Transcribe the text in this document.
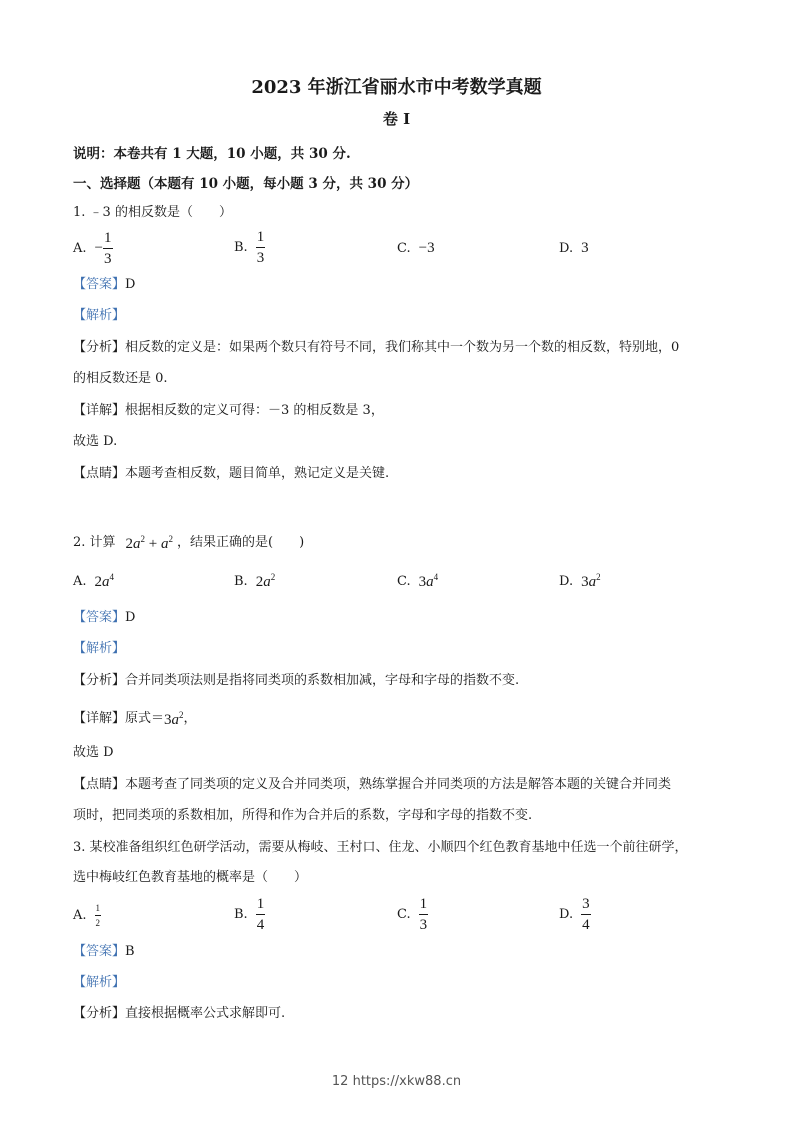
2023 年浙江省丽水市中考数学真题
卷 I
说明：本卷共有 1 大题，10 小题，共 30 分.
一、选择题（本题有 10 小题，每小题 3 分，共 30 分）
1. ﹣3 的相反数是（　　）
A. − $\frac{1}{3}$	B. $\frac{1}{3}$	C. −3	D. 3
【答案】D
【解析】
【分析】相反数的定义是：如果两个数只有符号不同，我们称其中一个数为另一个数的相反数，特别地，0
的相反数还是 0.
【详解】根据相反数的定义可得：－3 的相反数是 3，
故选 D.
【点睛】本题考查相反数，题目简单，熟记定义是关键.
2. 计算 $2a^2 + a^2$ ，结果正确的是(　　)
A. $2a^4$	B. $2a^2$	C. $3a^4$	D. $3a^2$
【答案】D
【解析】
【分析】合并同类项法则是指将同类项的系数相加减，字母和字母的指数不变.
【详解】 原式＝ $3a^2$ ，
故选 D
【点睛】本题考查了同类项的定义及合并同类项，熟练掌握合并同类项的方法是解答本题的关键合并同类
项时，把同类项的系数相加，所得和作为合并后的系数，字母和字母的指数不变.
3. 某校准备组织红色研学活动，需要从梅岐、王村口、住龙、小顺四个红色教育基地中任选一个前往研学，
选中梅岐红色教育基地的概率是（　　）
A. $\frac{1}{2}$	B. $\frac{1}{4}$	C. $\frac{1}{3}$	D. $\frac{3}{4}$
【答案】B
【解析】
【分析】直接根据概率公式求解即可.
12 https://xkw88.cn
